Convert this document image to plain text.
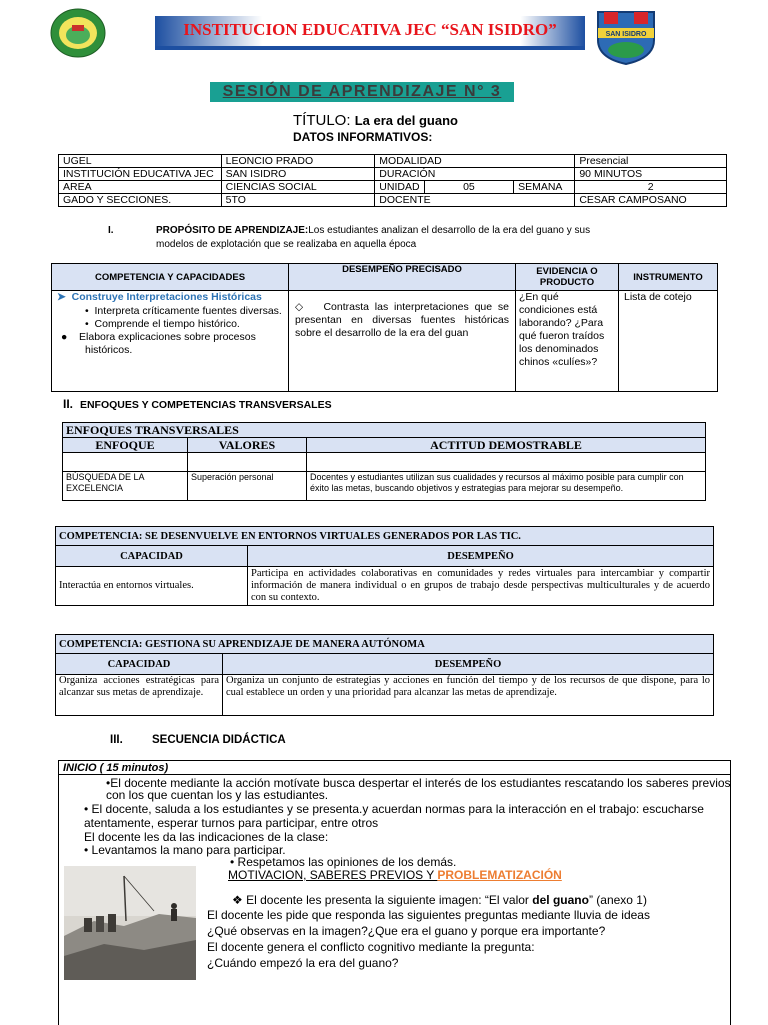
INSTITUCION EDUCATIVA JEC “SAN ISIDRO”	SAN ISIDRO
SESIÓN DE APRENDIZAJE N° 3
TÍTULO: La era del guano
DATOS INFORMATIVOS:
UGEL	LEONCIO PRADO	MODALIDAD			Presencial
INSTITUCIÓN EDUCATIVA JEC	SAN ISIDRO	DURACIÓN			90 MINUTOS
AREA	CIENCIAS SOCIAL	UNIDAD	05	SEMANA	2
GADO Y SECCIONES.	5TO	DOCENTE			CESAR CAMPOSANO
I.	PROPÓSITO DE APRENDIZAJE:Los estudiantes analizan el desarrollo de la era del guano y sus modelos de explotación que se realizaba en aquella época
COMPETENCIA Y CAPACIDADES	DESEMPEÑO PRECISADO	EVIDENCIA O PRODUCTO	INSTRUMENTO

➤  Construye Interpretaciones Históricas
•  Interpreta críticamente fuentes diversas.
•  Comprende el tiempo histórico.
●    Elabora explicaciones sobre procesos históricos.	◇   Contrasta las interpretaciones que se presentan en diversas fuentes históricas sobre el desarrollo de la era del guan	¿En qué condiciones está laborando? ¿Para qué fueron traídos los denominados chinos «culíes»?	Lista de cotejo
II. ENFOQUES Y COMPETENCIAS TRANSVERSALES
ENFOQUES TRANSVERSALES		
ENFOQUE	VALORES	ACTITUD DEMOSTRABLE

BÚSQUEDA DE LA EXCELENCIA	Superación personal	Docentes y estudiantes utilizan sus cualidades y recursos al máximo posible para cumplir con éxito las metas, buscando objetivos y estrategias para mejorar su desempeño.
COMPETENCIA: SE DESENVUELVE EN ENTORNOS VIRTUALES GENERADOS POR LAS TIC.	
CAPACIDAD	DESEMPEÑO
Interactúa en entornos virtuales.	Participa en actividades colaborativas en comunidades y redes virtuales para intercambiar y compartir información de manera individual o en grupos de trabajo desde perspectivas multiculturales y de acuerdo con su contexto.
COMPETENCIA: GESTIONA SU APRENDIZAJE DE MANERA AUTÓNOMA	
CAPACIDAD	DESEMPEÑO
Organiza acciones estratégicas para alcanzar sus metas de aprendizaje.	Organiza un conjunto de estrategias y acciones en función del tiempo y de los recursos de que dispone, para lo cual establece un orden y una prioridad para alcanzar las metas de aprendizaje.
III.	SECUENCIA DIDÁCTICA
INICIO ( 15 minutos)
•El docente mediante la acción motívate busca despertar el interés de los estudiantes rescatando los saberes previos
con los que cuentan los y las estudiantes.
• El docente, saluda a los estudiantes y se presenta.y acuerdan normas para la interacción en el trabajo: escucharse
atentamente, esperar turnos para participar, entre otros
El docente les da las indicaciones de la clase:
• Levantamos la mano para participar.
• Respetamos las opiniones de los demás.
MOTIVACION, SABERES PREVIOS Y PROBLEMATIZACIÓN
❖ El docente les presenta la siguiente imagen: “El valor del guano” (anexo 1)
El docente les pide que responda las siguientes preguntas mediante lluvia de ideas
¿Qué observas en la imagen?¿Que era el guano y porque era importante?
El docente genera el conflicto cognitivo mediante la pregunta:
¿Cuándo empezó la era del guano?
